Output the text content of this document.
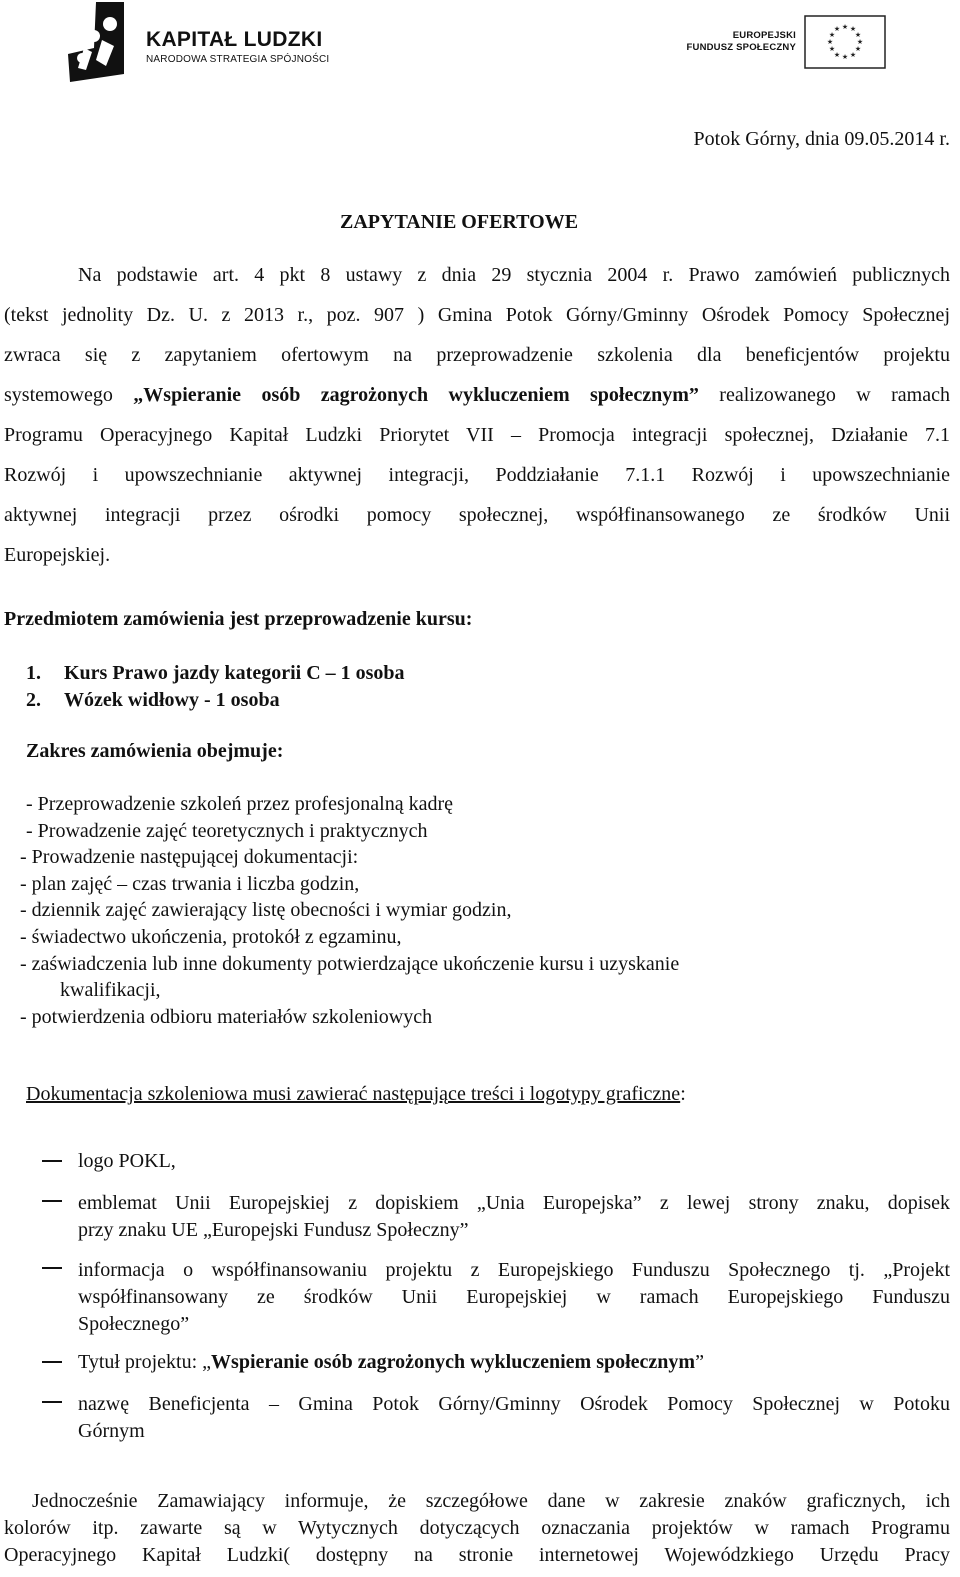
KAPITAŁ LUDZKI
NARODOWA STRATEGIA SPÓJNOŚCI
EUROPEJSKI
FUNDUSZ SPOŁECZNY
★ ★
★
★
★
★
★
★
★
★
★
★
Potok Górny, dnia 09.05.2014 r.
ZAPYTANIE OFERTOWE
Na podstawie art. 4 pkt 8 ustawy z dnia 29 stycznia 2004 r. Prawo zamówień publicznych
(tekst jednolity Dz. U. z 2013 r., poz. 907 ) Gmina Potok Górny/Gminny Ośrodek Pomocy Społecznej
zwraca się z zapytaniem ofertowym na przeprowadzenie szkolenia dla beneficjentów projektu
systemowego „Wspieranie osób zagrożonych wykluczeniem społecznym” realizowanego w ramach
Programu Operacyjnego Kapitał Ludzki Priorytet VII – Promocja integracji społecznej, Działanie 7.1
Rozwój i upowszechnianie aktywnej integracji, Poddziałanie 7.1.1 Rozwój i upowszechnianie
aktywnej integracji przez ośrodki pomocy społecznej, współfinansowanego ze środków Unii
Europejskiej.
Przedmiotem zamówienia jest przeprowadzenie kursu:
1. Kurs Prawo jazdy kategorii C – 1 osoba
2. Wózek widłowy - 1 osoba
Zakres zamówienia obejmuje:
- Przeprowadzenie szkoleń przez profesjonalną kadrę
- Prowadzenie zajęć teoretycznych i praktycznych
- Prowadzenie następującej dokumentacji:
- plan zajęć – czas trwania i liczba godzin,
- dziennik zajęć zawierający listę obecności i wymiar godzin,
- świadectwo ukończenia, protokół z egzaminu,
- zaświadczenia lub inne dokumenty potwierdzające ukończenie kursu i uzyskanie
kwalifikacji,
- potwierdzenia odbioru materiałów szkoleniowych
Dokumentacja szkoleniowa musi zawierać następujące treści i logotypy graficzne:
logo POKL,
emblemat Unii Europejskiej z dopiskiem „Unia Europejska” z lewej strony znaku, dopisek
przy znaku UE „Europejski Fundusz Społeczny”
informacja o współfinansowaniu projektu z Europejskiego Funduszu Społecznego tj. „Projekt
współfinansowany ze środków Unii Europejskiej w ramach Europejskiego Funduszu
Społecznego”
Tytuł projektu: „Wspieranie osób zagrożonych wykluczeniem społecznym”
nazwę Beneficjenta – Gmina Potok Górny/Gminny Ośrodek Pomocy Społecznej w Potoku
Górnym
Jednocześnie Zamawiający informuje, że szczegółowe dane w zakresie znaków graficznych, ich
kolorów itp. zawarte są w Wytycznych dotyczących oznaczania projektów w ramach Programu
Operacyjnego Kapitał Ludzki( dostępny na stronie internetowej Wojewódzkiego Urzędu Pracy
